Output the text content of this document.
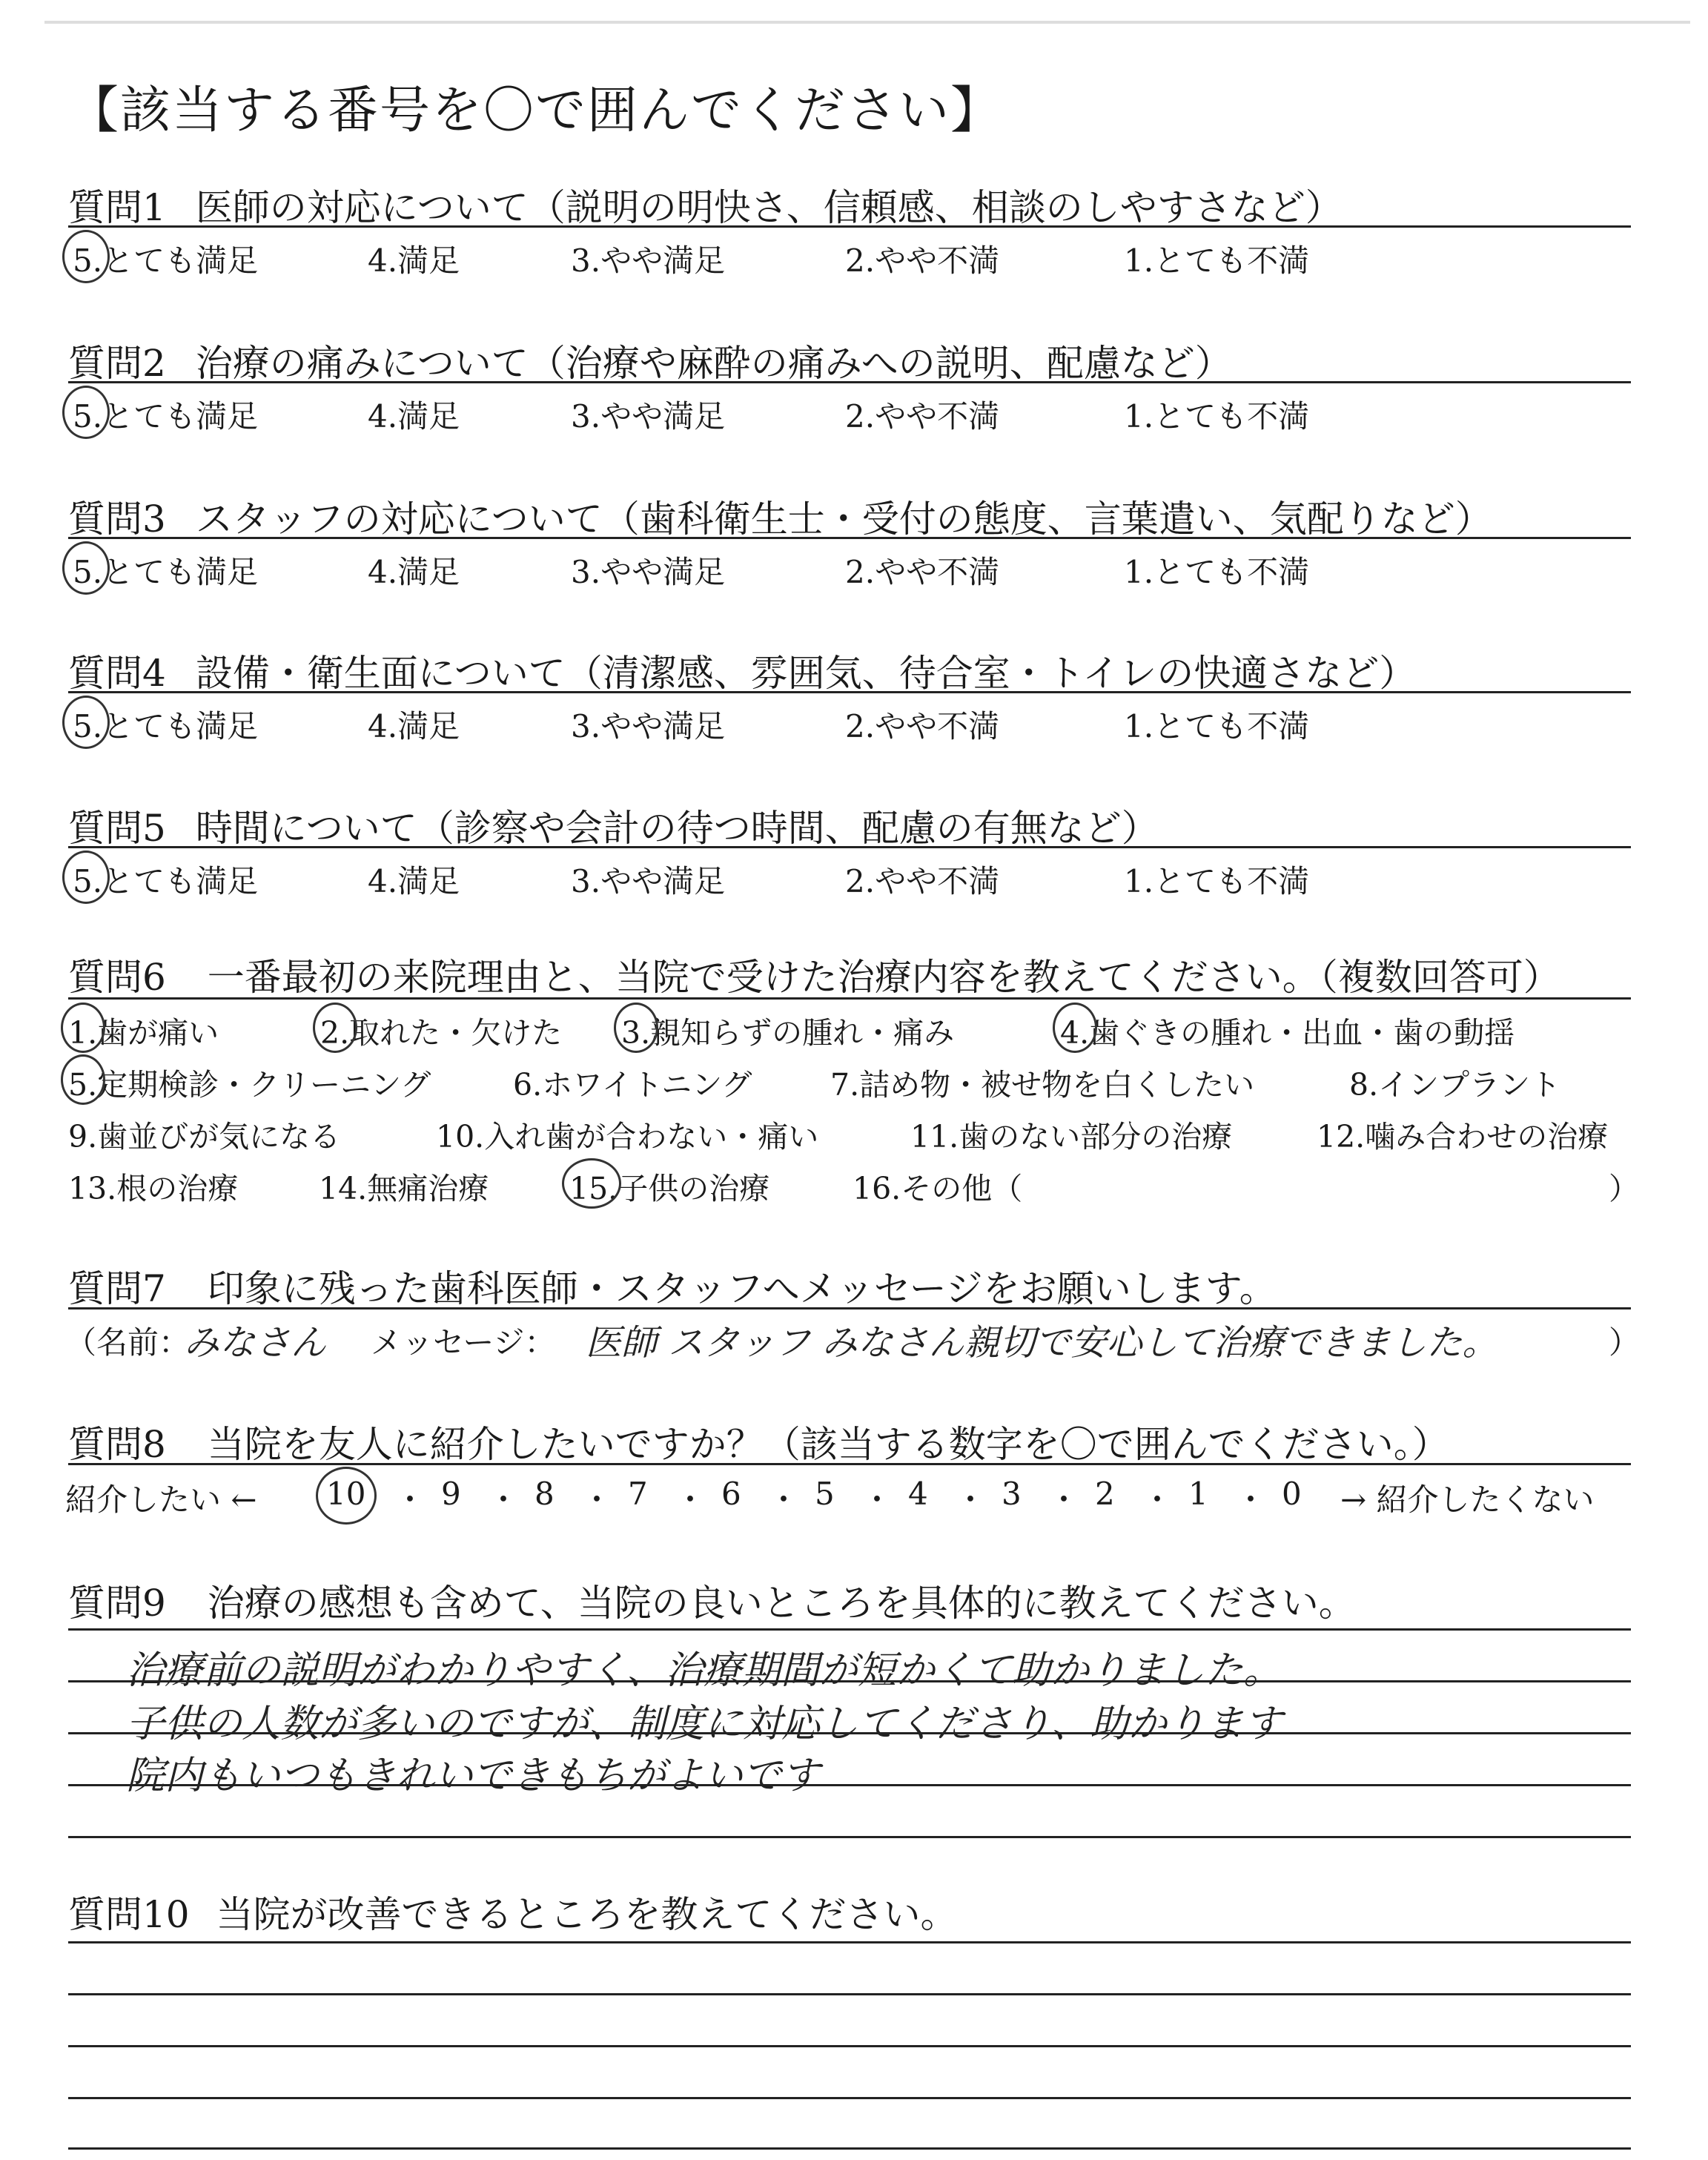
【該当する番号を〇で囲んでください】
質問1 医師の対応について（説明の明快さ、信頼感、相談のしやすさなど）
5.とても満足	4.満足	3.やや満足	2.やや不満	1.とても不満
質問2 治療の痛みについて（治療や麻酔の痛みへの説明、配慮など）
5.とても満足	4.満足	3.やや満足	2.やや不満	1.とても不満
質問3 スタッフの対応について（歯科衛生士・受付の態度、言葉遣い、気配りなど）
5.とても満足	4.満足	3.やや満足	2.やや不満	1.とても不満
質問4 設備・衛生面について（清潔感、雰囲気、待合室・トイレの快適さなど）
5.とても満足	4.満足	3.やや満足	2.やや不満	1.とても不満
質問5 時間について（診察や会計の待つ時間、配慮の有無など）
5.とても満足	4.満足	3.やや満足	2.やや不満	1.とても不満
質問6 一番最初の来院理由と、当院で受けた治療内容を教えてください。（複数回答可）
1.歯が痛い	2.取れた・欠けた 3.親知らずの腫れ・痛み	4.歯ぐきの腫れ・出血・歯の動揺
5.定期検診・クリーニング	6.ホワイトニング	7.詰め物・被せ物を白くしたい	8.インプラント
9.歯並びが気になる	10.入れ歯が合わない・痛い	11.歯のない部分の治療	12.噛み合わせの治療
13.根の治療	14.無痛治療	15.子供の治療	16.その他（	）
質問7 印象に残った歯科医師・スタッフへメッセージをお願いします。
（名前：
みなさん メッセージ： 医師 スタッフ みなさん親切で安心して治療できました。	）
質問8 当院を友人に紹介したいですか？（該当する数字を〇で囲んでください。）
紹介したい ← 10 ・ 9 ・ 8 ・ 7 ・ 6 ・ 5 ・ 4 ・ 3 ・ 2 ・ 1 ・ 0 → 紹介したくない
質問9 治療の感想も含めて、当院の良いところを具体的に教えてください。
治療前の説明がわかりやすく、治療期間が短かくて助かりました。
子供の人数が多いのですが、制度に対応してくださり、助かります
院内もいつもきれいできもちがよいです
質問10 当院が改善できるところを教えてください。
